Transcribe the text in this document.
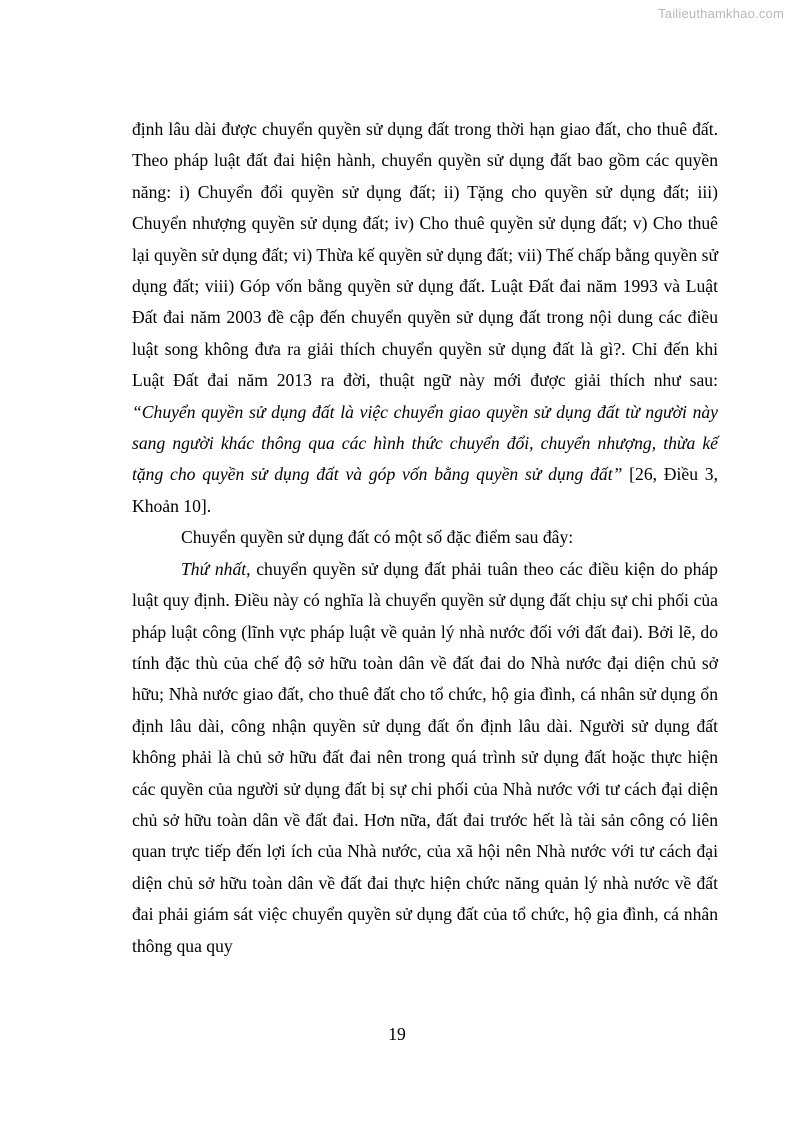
Tailieuthamkhao.com

định lâu dài được chuyển quyền sử dụng đất trong thời hạn giao đất, cho thuê đất. Theo pháp luật đất đai hiện hành, chuyển quyền sử dụng đất bao gồm các quyền năng: i) Chuyển đổi quyền sử dụng đất; ii) Tặng cho quyền sử dụng đất; iii) Chuyển nhượng quyền sử dụng đất; iv) Cho thuê quyền sử dụng đất; v) Cho thuê lại quyền sử dụng đất; vi) Thừa kế quyền sử dụng đất; vii) Thế chấp bằng quyền sử dụng đất; viii) Góp vốn bằng quyền sử dụng đất. Luật Đất đai năm 1993 và Luật Đất đai năm 2003 đề cập đến chuyển quyền sử dụng đất trong nội dung các điều luật song không đưa ra giải thích chuyển quyền sử dụng đất là gì?. Chỉ đến khi Luật Đất đai năm 2013 ra đời, thuật ngữ này mới được giải thích như sau: “Chuyển quyền sử dụng đất là việc chuyển giao quyền sử dụng đất từ người này sang người khác thông qua các hình thức chuyển đổi, chuyển nhượng, thừa kế tặng cho quyền sử dụng đất và góp vốn bằng quyền sử dụng đất” [26, Điều 3, Khoản 10].

Chuyển quyền sử dụng đất có một số đặc điểm sau đây:

Thứ nhất, chuyển quyền sử dụng đất phải tuân theo các điều kiện do pháp luật quy định. Điều này có nghĩa là chuyển quyền sử dụng đất chịu sự chi phối của pháp luật công (lĩnh vực pháp luật về quản lý nhà nước đối với đất đai). Bởi lẽ, do tính đặc thù của chế độ sở hữu toàn dân về đất đai do Nhà nước đại diện chủ sở hữu; Nhà nước giao đất, cho thuê đất cho tổ chức, hộ gia đình, cá nhân sử dụng ổn định lâu dài, công nhận quyền sử dụng đất ổn định lâu dài. Người sử dụng đất không phải là chủ sở hữu đất đai nên trong quá trình sử dụng đất hoặc thực hiện các quyền của người sử dụng đất bị sự chi phối của Nhà nước với tư cách đại diện chủ sở hữu toàn dân về đất đai. Hơn nữa, đất đai trước hết là tài sản công có liên quan trực tiếp đến lợi ích của Nhà nước, của xã hội nên Nhà nước với tư cách đại diện chủ sở hữu toàn dân về đất đai thực hiện chức năng quản lý nhà nước về đất đai phải giám sát việc chuyển quyền sử dụng đất của tổ chức, hộ gia đình, cá nhân thông qua quy

19
